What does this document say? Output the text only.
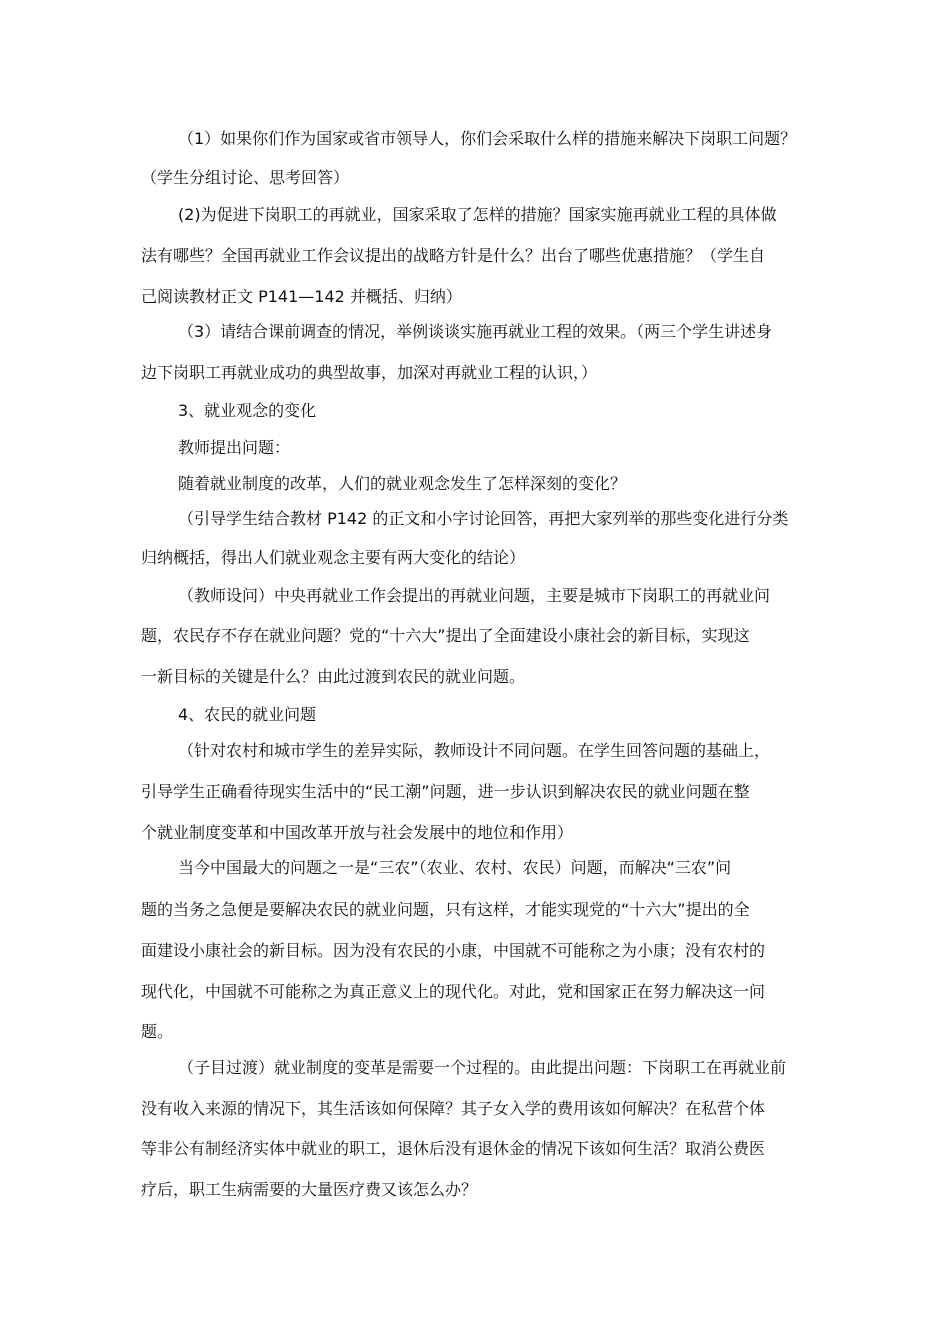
（1）如果你们作为国家或省市领导人，你们会采取什么样的措施来解决下岗职工问题？
（学生分组讨论、思考回答）
(2)为促进下岗职工的再就业，国家采取了怎样的措施？国家实施再就业工程的具体做
法有哪些？全国再就业工作会议提出的战略方针是什么？出台了哪些优惠措施？（学生自
己阅读教材正文 P141—142 并概括、归纳）
（3）请结合课前调查的情况，举例谈谈实施再就业工程的效果。（两三个学生讲述身
边下岗职工再就业成功的典型故事，加深对再就业工程的认识，）
3、就业观念的变化
教师提出问题：
随着就业制度的改革，人们的就业观念发生了怎样深刻的变化？
（引导学生结合教材 P142 的正文和小字讨论回答，再把大家列举的那些变化进行分类
归纳概括，得出人们就业观念主要有两大变化的结论）
（教师设问）中央再就业工作会提出的再就业问题，主要是城市下岗职工的再就业问
题，农民存不存在就业问题？党的“十六大”提出了全面建设小康社会的新目标，实现这
一新目标的关键是什么？由此过渡到农民的就业问题。
4、农民的就业问题
（针对农村和城市学生的差异实际，教师设计不同问题。在学生回答问题的基础上，
引导学生正确看待现实生活中的“民工潮”问题，进一步认识到解决农民的就业问题在整
个就业制度变革和中国改革开放与社会发展中的地位和作用）
当今中国最大的问题之一是“三农”（农业、农村、农民）问题，而解决“三农”问
题的当务之急便是要解决农民的就业问题，只有这样，才能实现党的“十六大”提出的全
面建设小康社会的新目标。因为没有农民的小康，中国就不可能称之为小康；没有农村的
现代化，中国就不可能称之为真正意义上的现代化。对此，党和国家正在努力解决这一问
题。
（子目过渡）就业制度的变革是需要一个过程的。由此提出问题：下岗职工在再就业前
没有收入来源的情况下，其生活该如何保障？其子女入学的费用该如何解决？在私营个体
等非公有制经济实体中就业的职工，退休后没有退休金的情况下该如何生活？取消公费医
疗后，职工生病需要的大量医疗费又该怎么办？
